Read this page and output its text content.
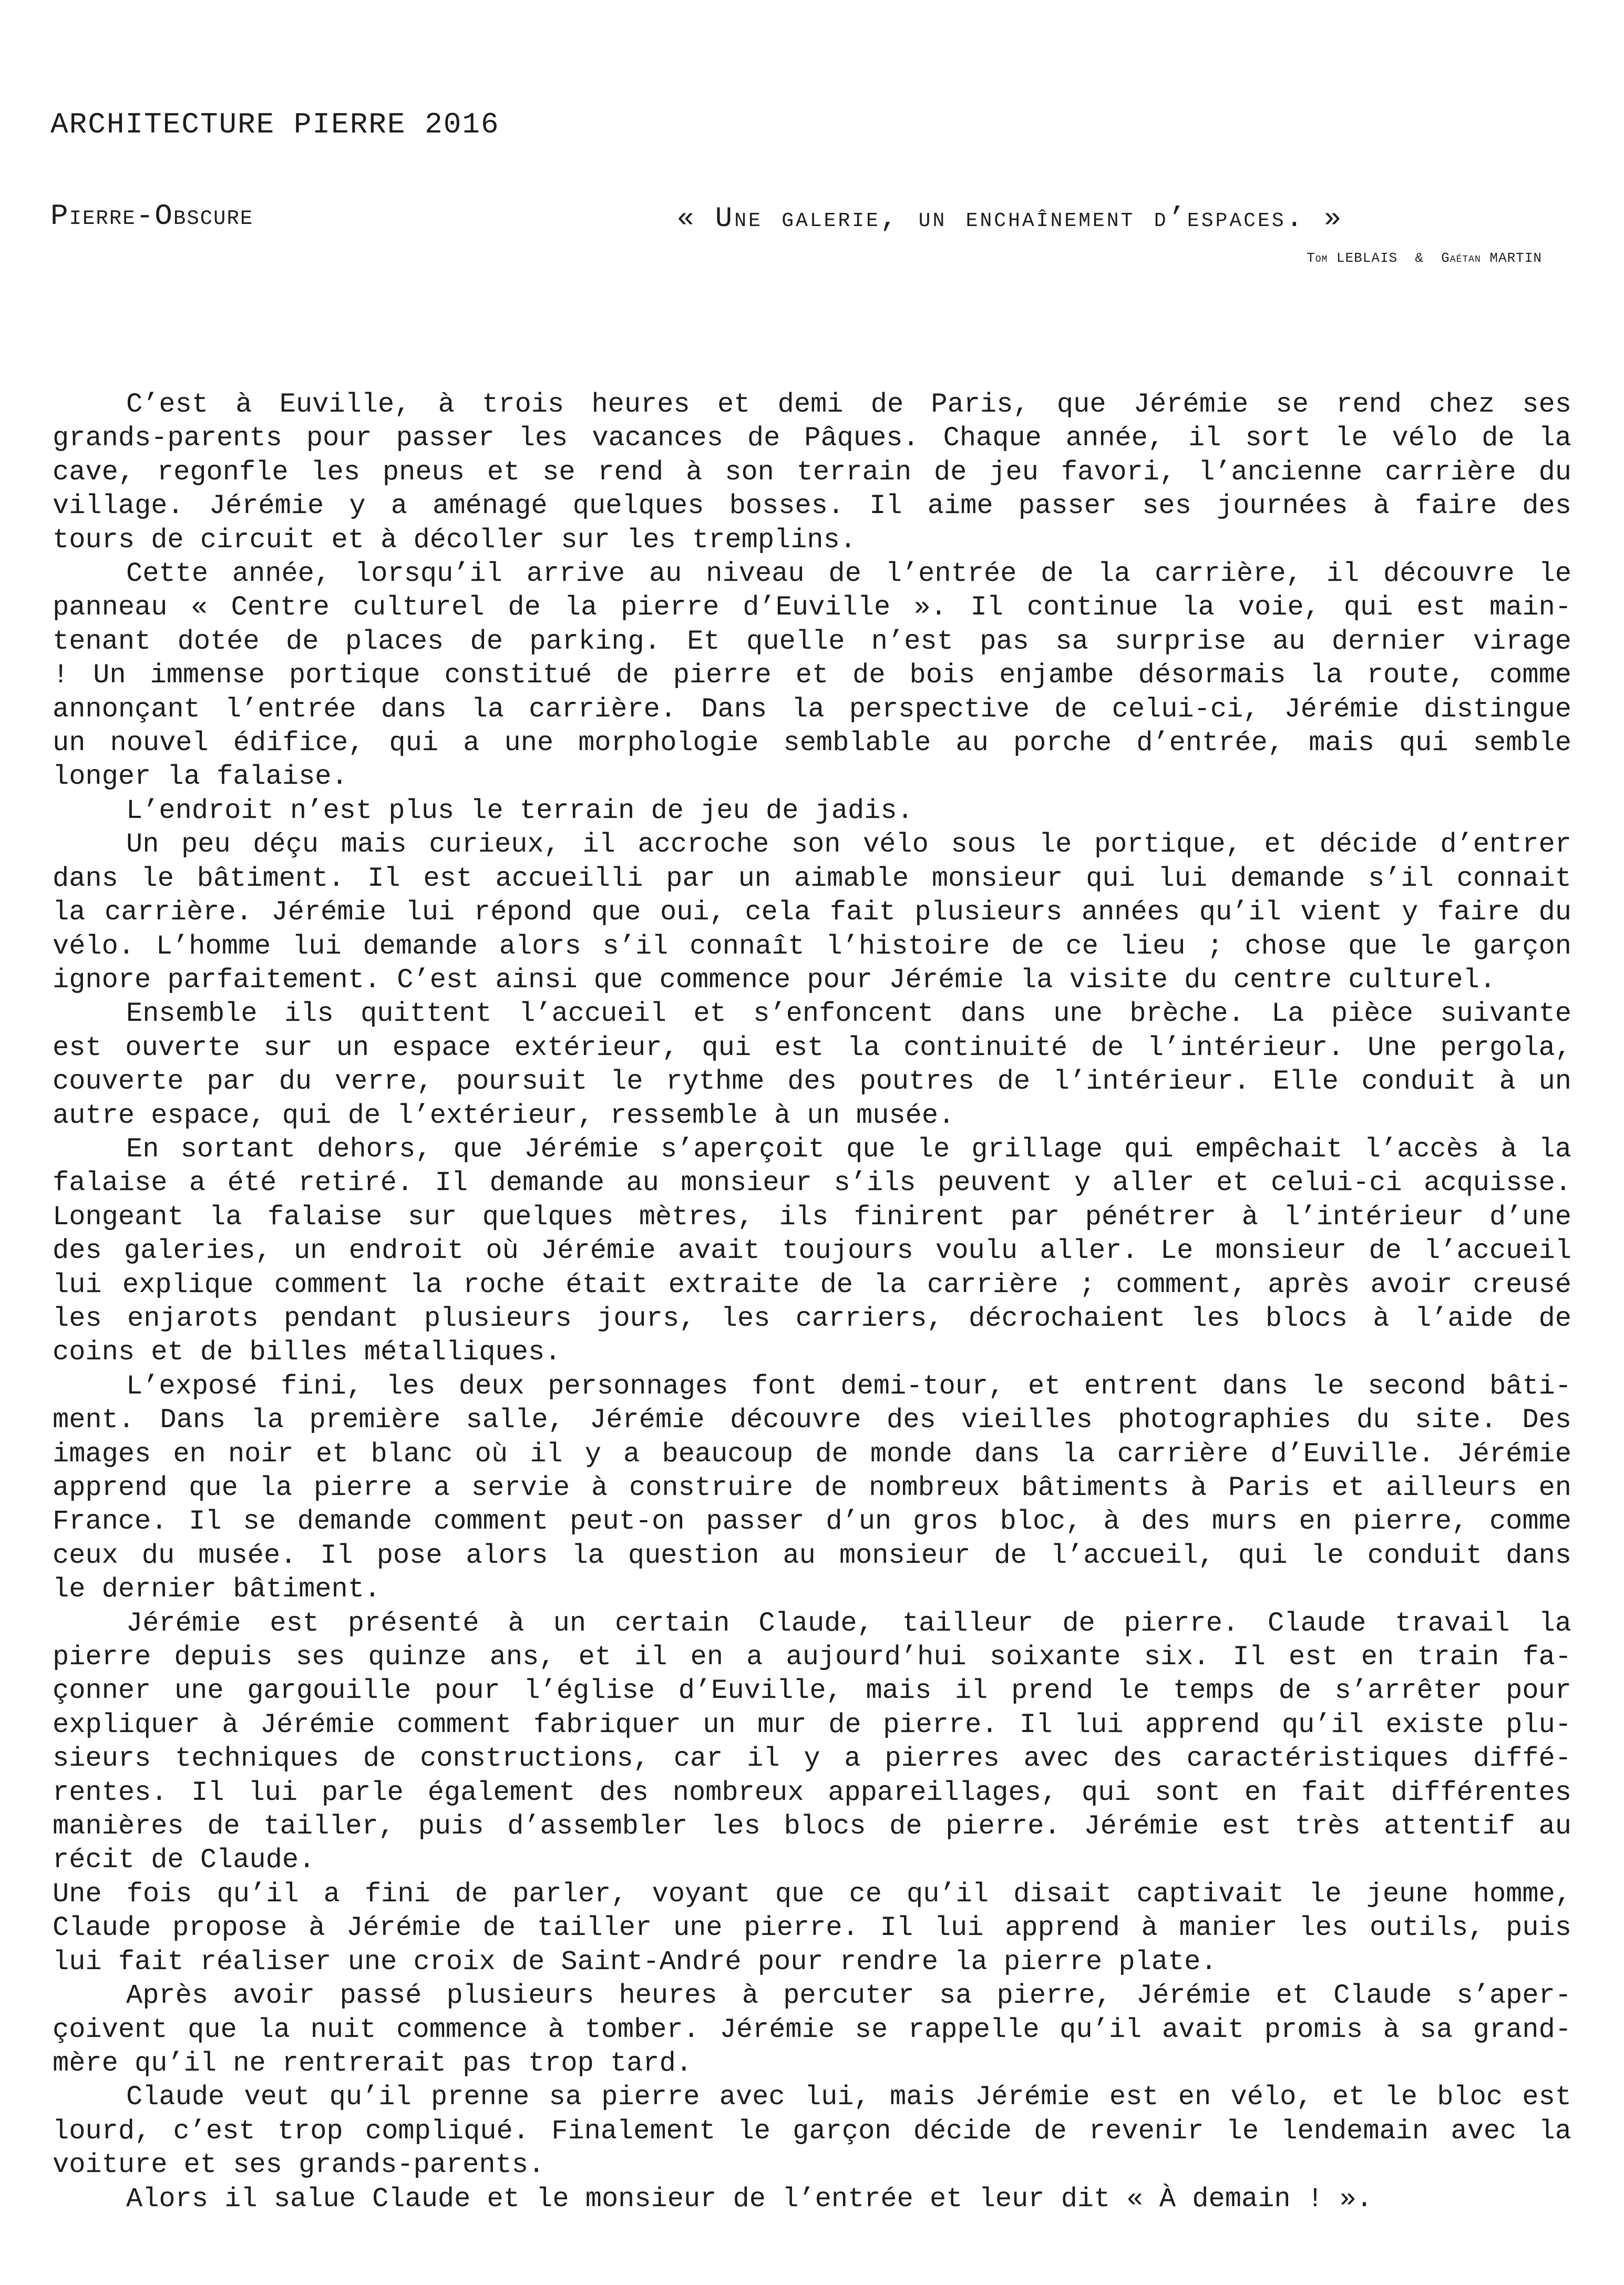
ARCHITECTURE PIERRE 2016

Pierre-Obscure

	« Une galerie, un enchaînement d’espaces. »
Tom LEBLAIS  &  Gaétan MARTIN
C’est à Euville, à trois heures et demi de Paris, que Jérémie se rend chez ses
grands-parents pour passer les vacances de Pâques. Chaque année, il sort le vélo de la
cave, regonfle les pneus et se rend à son terrain de jeu favori, l’ancienne carrière du
village. Jérémie y a aménagé quelques bosses. Il aime passer ses journées à faire des
tours de circuit et à décoller sur les tremplins.
Cette année, lorsqu’il arrive au niveau de l’entrée de la carrière, il découvre le
panneau « Centre culturel de la pierre d’Euville ». Il continue la voie, qui est main-
tenant dotée de places de parking. Et quelle n’est pas sa surprise au dernier virage
! Un immense portique constitué de pierre et de bois enjambe désormais la route, comme
annonçant l’entrée dans la carrière. Dans la perspective de celui-ci, Jérémie distingue
un nouvel édifice, qui a une morphologie semblable au porche d’entrée, mais qui semble
longer la falaise.
L’endroit n’est plus le terrain de jeu de jadis.
Un peu déçu mais curieux, il accroche son vélo sous le portique, et décide d’entrer
dans le bâtiment. Il est accueilli par un aimable monsieur qui lui demande s’il connait
la carrière. Jérémie lui répond que oui, cela fait plusieurs années qu’il vient y faire du
vélo. L’homme lui demande alors s’il connaît l’histoire de ce lieu ; chose que le garçon
ignore parfaitement. C’est ainsi que commence pour Jérémie la visite du centre culturel.
Ensemble ils quittent l’accueil et s’enfoncent dans une brèche. La pièce suivante
est ouverte sur un espace extérieur, qui est la continuité de l’intérieur. Une pergola,
couverte par du verre, poursuit le rythme des poutres de l’intérieur. Elle conduit à un
autre espace, qui de l’extérieur, ressemble à un musée.
En sortant dehors, que Jérémie s’aperçoit que le grillage qui empêchait l’accès à la
falaise a été retiré. Il demande au monsieur s’ils peuvent y aller et celui-ci acquisse.
Longeant la falaise sur quelques mètres, ils finirent par pénétrer à l’intérieur d’une
des galeries, un endroit où Jérémie avait toujours voulu aller. Le monsieur de l’accueil
lui explique comment la roche était extraite de la carrière ; comment, après avoir creusé
les enjarots pendant plusieurs jours, les carriers, décrochaient les blocs à l’aide de
coins et de billes métalliques.
L’exposé fini, les deux personnages font demi-tour, et entrent dans le second bâti-
ment. Dans la première salle, Jérémie découvre des vieilles photographies du site. Des
images en noir et blanc où il y a beaucoup de monde dans la carrière d’Euville. Jérémie
apprend que la pierre a servie à construire de nombreux bâtiments à Paris et ailleurs en
France. Il se demande comment peut-on passer d’un gros bloc, à des murs en pierre, comme
ceux du musée. Il pose alors la question au monsieur de l’accueil, qui le conduit dans
le dernier bâtiment.
Jérémie est présenté à un certain Claude, tailleur de pierre. Claude travail la
pierre depuis ses quinze ans, et il en a aujourd’hui soixante six. Il est en train fa-
çonner une gargouille pour l’église d’Euville, mais il prend le temps de s’arrêter pour
expliquer à Jérémie comment fabriquer un mur de pierre. Il lui apprend qu’il existe plu-
sieurs techniques de constructions, car il y a pierres avec des caractéristiques diffé-
rentes. Il lui parle également des nombreux appareillages, qui sont en fait différentes
manières de tailler, puis d’assembler les blocs de pierre. Jérémie est très attentif au
récit de Claude.
Une fois qu’il a fini de parler, voyant que ce qu’il disait captivait le jeune homme,
Claude propose à Jérémie de tailler une pierre. Il lui apprend à manier les outils, puis
lui fait réaliser une croix de Saint-André pour rendre la pierre plate.
Après avoir passé plusieurs heures à percuter sa pierre, Jérémie et Claude s’aper-
çoivent que la nuit commence à tomber. Jérémie se rappelle qu’il avait promis à sa grand-
mère qu’il ne rentrerait pas trop tard.
Claude veut qu’il prenne sa pierre avec lui, mais Jérémie est en vélo, et le bloc est
lourd, c’est trop compliqué. Finalement le garçon décide de revenir le lendemain avec la
voiture et ses grands-parents.
Alors il salue Claude et le monsieur de l’entrée et leur dit « À demain ! ».
